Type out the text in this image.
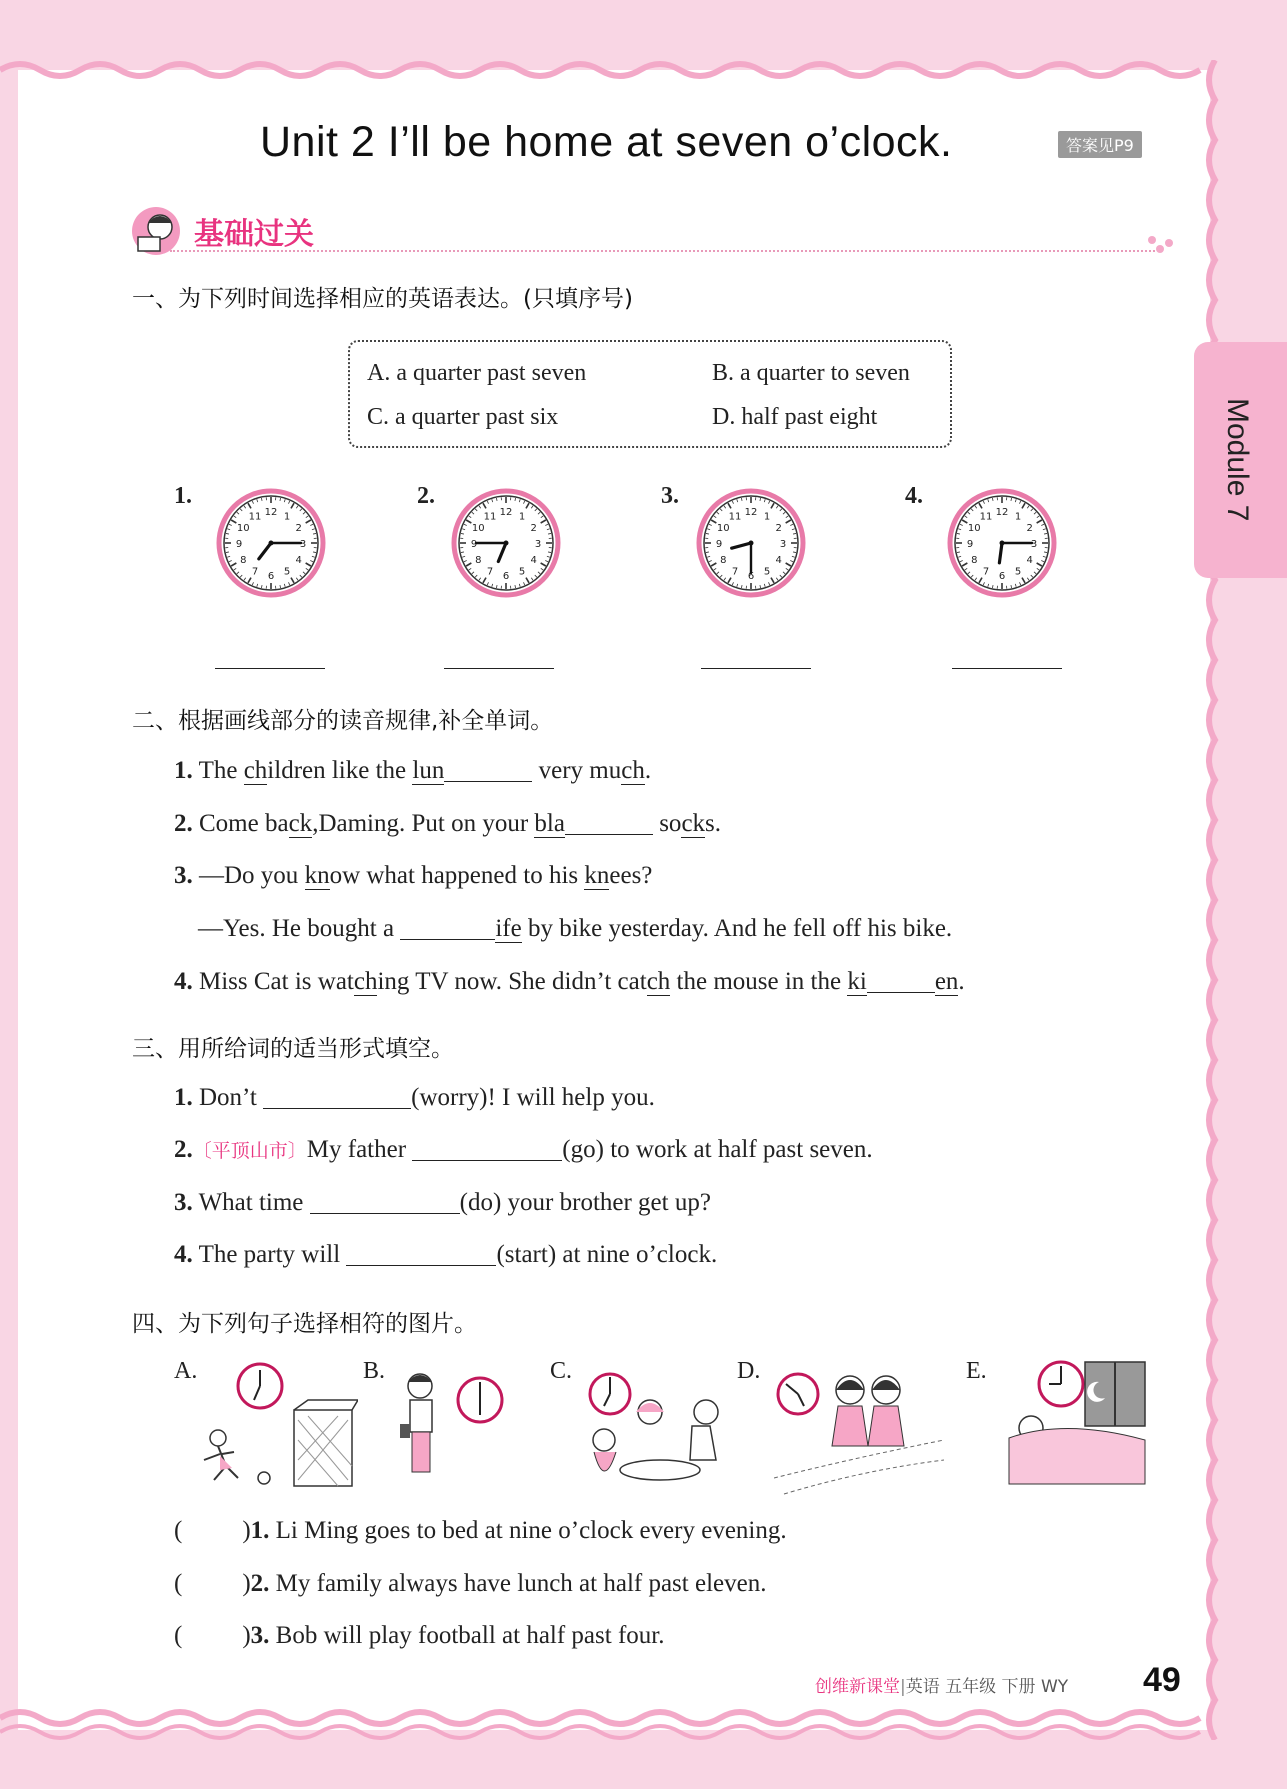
Unit 2 I’ll be home at seven o’clock.	答案见P9
Module 7
基础过关
一、为下列时间选择相应的英语表达。(只填序号)
A. a quarter past seven	B. a quarter to seven
C. a quarter past six	D. half past eight
1.	2.	3.	4.
12 1
2
3
4
5
6
7
8
9
10
11	12 1
2
3
4
5
6
7
8
9
10
11	12 1
2
3
4
5
6
7
8
9
10
11	12 1
2
3
4
5
6
7
8
9
10
11
二、根据画线部分的读音规律,补全单词。
1. The children like the lun	very much.
2. Come back,Daming. Put on your bla	socks.
3. —Do you know what happened to his knees?
—Yes. He bought a	ife by bike yesterday. And he fell off his bike.
4. Miss Cat is watching TV now. She didn’t catch the mouse in the ki	en.
三、用所给词的适当形式填空。
1. Don’t	(worry)! I will help you.
2.〔平顶山市〕My father	(go) to work at half past seven.
3. What time	(do) your brother get up?
4. The party will	(start) at nine o’clock.
四、为下列句子选择相符的图片。
A.	B.	C.	D.	E.
( )1. Li Ming goes to bed at nine o’clock every evening.
( )2. My family always have lunch at half past eleven.
( )3. Bob will play football at half past four.
创维新课堂|英语 五年级 下册 WY 49
